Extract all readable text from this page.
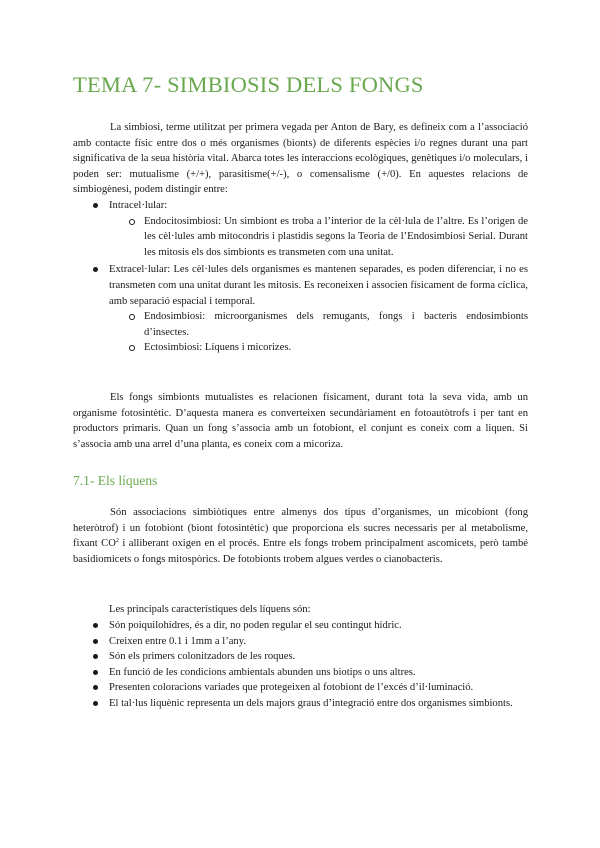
TEMA 7- SIMBIOSIS DELS FONGS

La simbiosi, terme utilitzat per primera vegada per Anton de Bary, es defineix com a l’associació amb contacte físic entre dos o més organismes (bionts) de diferents espècies i/o regnes durant una part significativa de la seua història vital. Abarca totes les interaccions ecològiques, genètiques i/o moleculars, i poden ser: mutualisme (+/+), parasitisme(+/-), o comensalisme (+/0). En aquestes relacions de simbiogènesi, podem distingir entre:

Intracel·lular:
Endocitosimbiosi: Un simbiont es troba a l’interior de la cèl·lula de l’altre. Es l’origen de les cèl·lules amb mitocondris i plastidis segons la Teoria de l’Endosimbiosi Serial. Durant les mitosis els dos simbionts es transmeten com una unitat.
Extracel·lular: Les cèl·lules dels organismes es mantenen separades, es poden diferenciar, i no es transmeten com una unitat durant les mitosis. Es reconeixen i associen físicament de forma cíclica, amb separació espacial i temporal.
Endosimbiosi: microorganismes dels remugants, fongs i bacteris endosimbionts d’insectes.
Ectosimbiosi: Líquens i micorizes.

Els fongs simbionts mutualistes es relacionen físicament, durant tota la seva vida, amb un organisme fotosintètic. D’aquesta manera es converteixen secundàriament en fotoautòtrofs i per tant en productors primaris. Quan un fong s’associa amb un fotobiont, el conjunt es coneix com a liquen. Si s’associa amb una arrel d’una planta, es coneix com a micoriza.

7.1- Els líquens

Són associacions simbiòtiques entre almenys dos tipus d’organismes, un micobiont (fong heteròtrof) i un fotobiont (biont fotosintètic) que proporciona els sucres necessaris per al metabolisme, fixant $CO^2$ i alliberant oxigen en el procés. Entre els fongs trobem principalment ascomicets, però també basidiomicets o fongs mitospòrics. De fotobionts trobem algues verdes o cianobacteris.

Les principals característiques dels líquens són:

Són poiquilohidres, és a dir, no poden regular el seu contingut hídric.
Creixen entre 0.1 i 1mm a l’any.
Són els primers colonitzadors de les roques.
En funció de les condicions ambientals abunden uns biotips o uns altres.
Presenten coloracions variades que protegeixen al fotobiont de l’excés d’il·luminació.
El tal·lus liquènic representa un dels majors graus d’integració entre dos organismes simbionts.
